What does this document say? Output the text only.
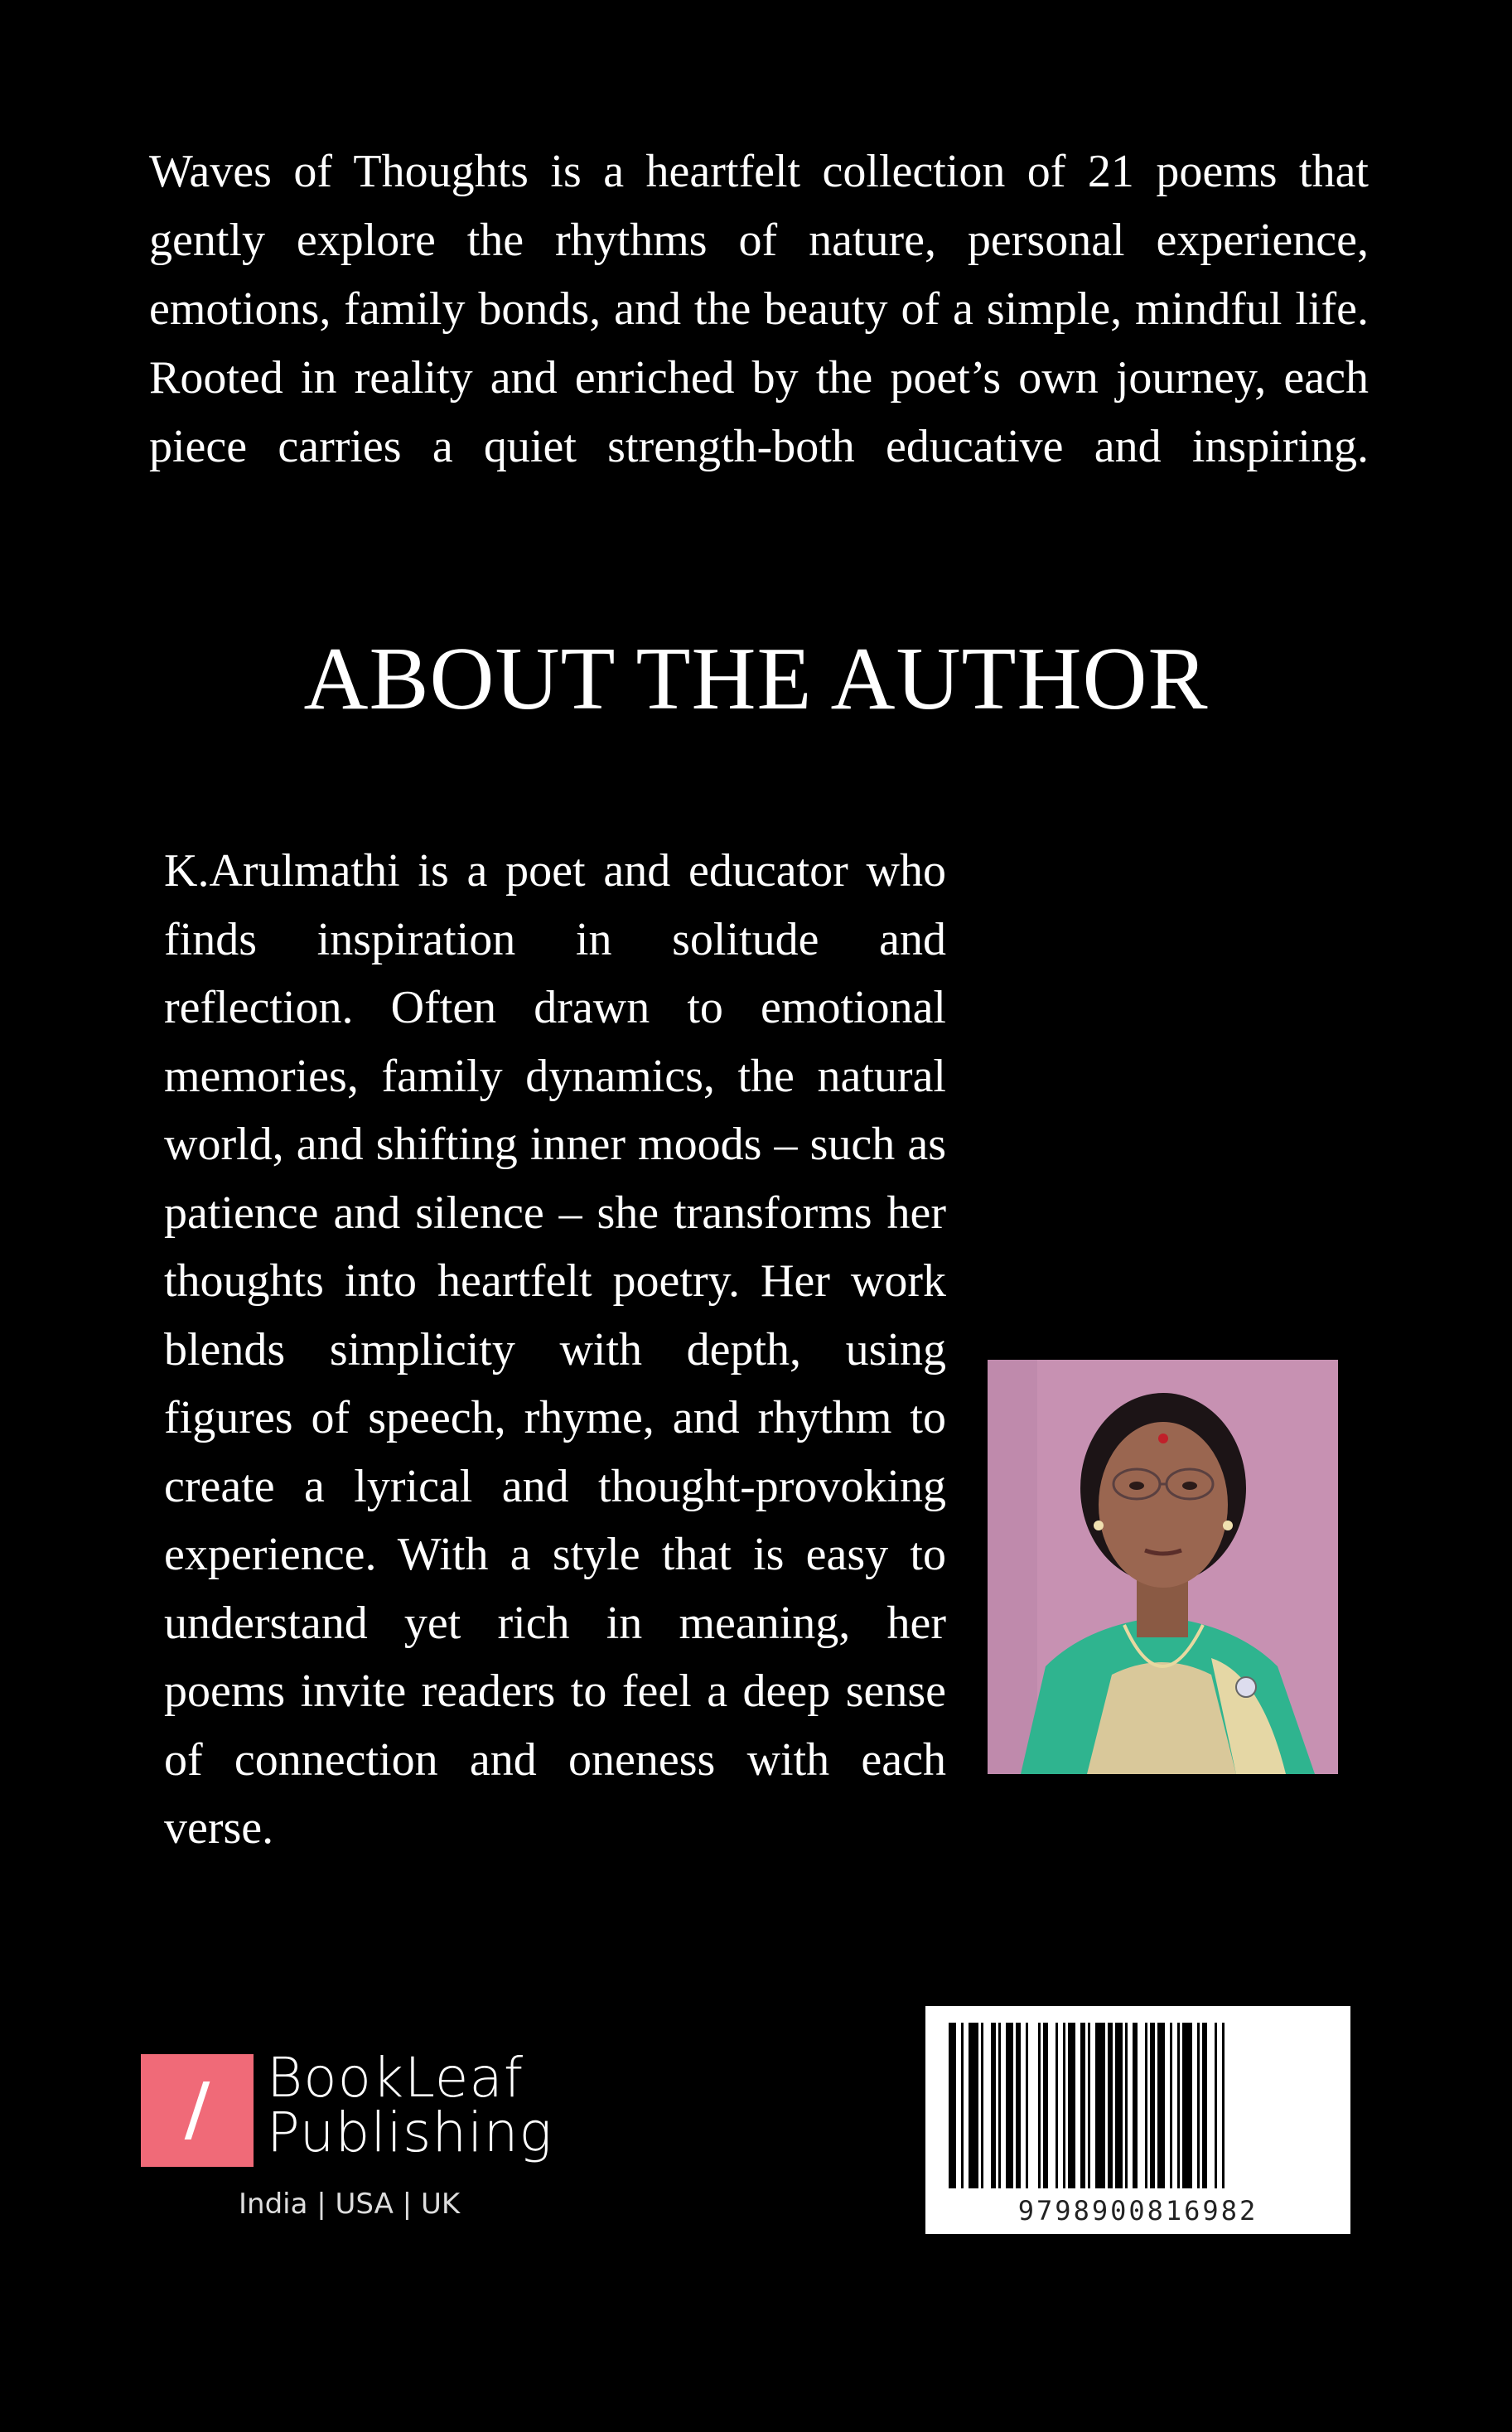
Waves of Thoughts is a heartfelt collection of 21 poems that gently explore the rhythms of nature, personal experience, emotions, family bonds, and the beauty of a simple, mindful life. Rooted in reality and enriched by the poet’s own journey, each piece carries a quiet strength-both educative and inspiring.

ABOUT THE AUTHOR

K.Arulmathi is a poet and educator who finds inspiration in solitude and reflection. Often drawn to emotional memories, family dynamics, the natural world, and shifting inner moods – such as patience and silence – she transforms her thoughts into heartfelt poetry. Her work blends simplicity with depth, using figures of speech, rhyme, and rhythm to create a lyrical and thought-provoking experience. With a style that is easy to understand yet rich in meaning, her poems invite readers to feel a deep sense of connection and oneness with each verse.

BookLeaf
Publishing
India | USA | UK	9798900816982
